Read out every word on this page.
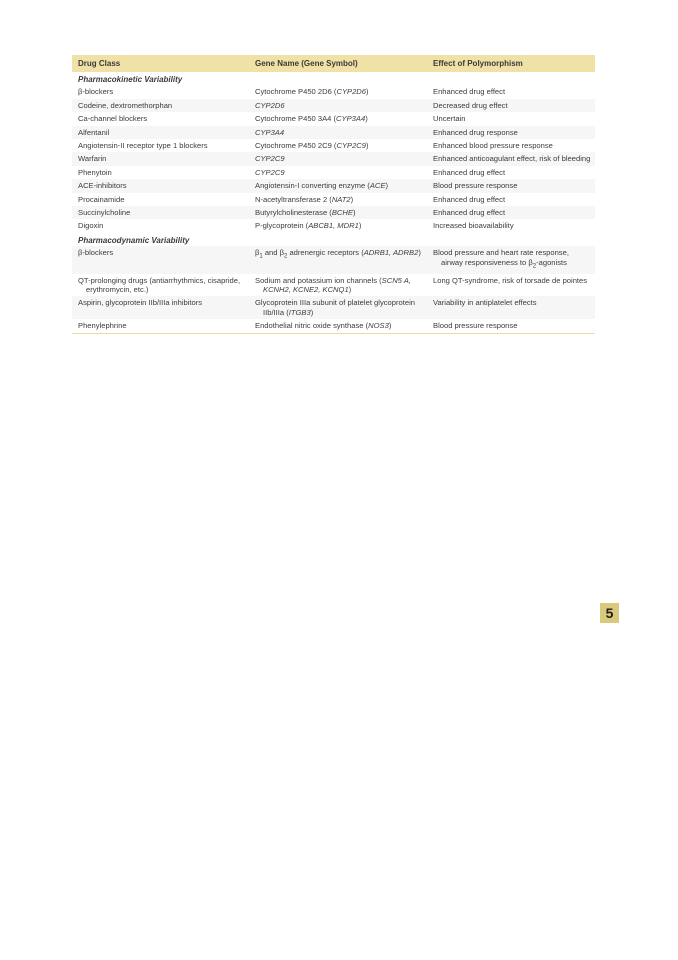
Drug Class	Gene Name (Gene Symbol)	Effect of Polymorphism
Pharmacokinetic Variability		

β-blockers	Cytochrome P450 2D6 (CYP2D6)	Enhanced drug effect

Codeine, dextromethorphan	CYP2D6	Decreased drug effect

Ca-channel blockers	Cytochrome P450 3A4 (CYP3A4)	Uncertain

Alfentanil	CYP3A4	Enhanced drug response

Angiotensin-II receptor type 1 blockers	Cytochrome P450 2C9 (CYP2C9)	Enhanced blood pressure response

Warfarin	CYP2C9	Enhanced anticoagulant effect, risk of bleeding

Phenytoin	CYP2C9	Enhanced drug effect

ACE-inhibitors	Angiotensin-I converting enzyme (ACE)	Blood pressure response

Procainamide	N-acetyltransferase 2 (NAT2)	Enhanced drug effect

Succinylcholine	Butyrylcholinesterase (BCHE)	Enhanced drug effect

Digoxin	P-glycoprotein (ABCB1, MDR1)	Increased bioavailability

Pharmacodynamic Variability		

β-blockers	$\beta_1$ and $\beta_2$ adrenergic receptors (ADRB1, ADRB2)	Blood pressure and heart rate response, airway responsiveness to $\beta_2$-agonists

QT-prolonging drugs (antiarrhythmics, cisapride, erythromycin, etc.)	Sodium and potassium ion channels (SCN5 A, KCNH2, KCNE2, KCNQ1)	Long QT-syndrome, risk of torsade de pointes

Aspirin, glycoprotein IIb/IIIa inhibitors	Glycoprotein IIIa subunit of platelet glycoprotein IIb/IIIa (ITGB3)	Variability in antiplatelet effects

Phenylephrine	Endothelial nitric oxide synthase (NOS3)	Blood pressure response
5
